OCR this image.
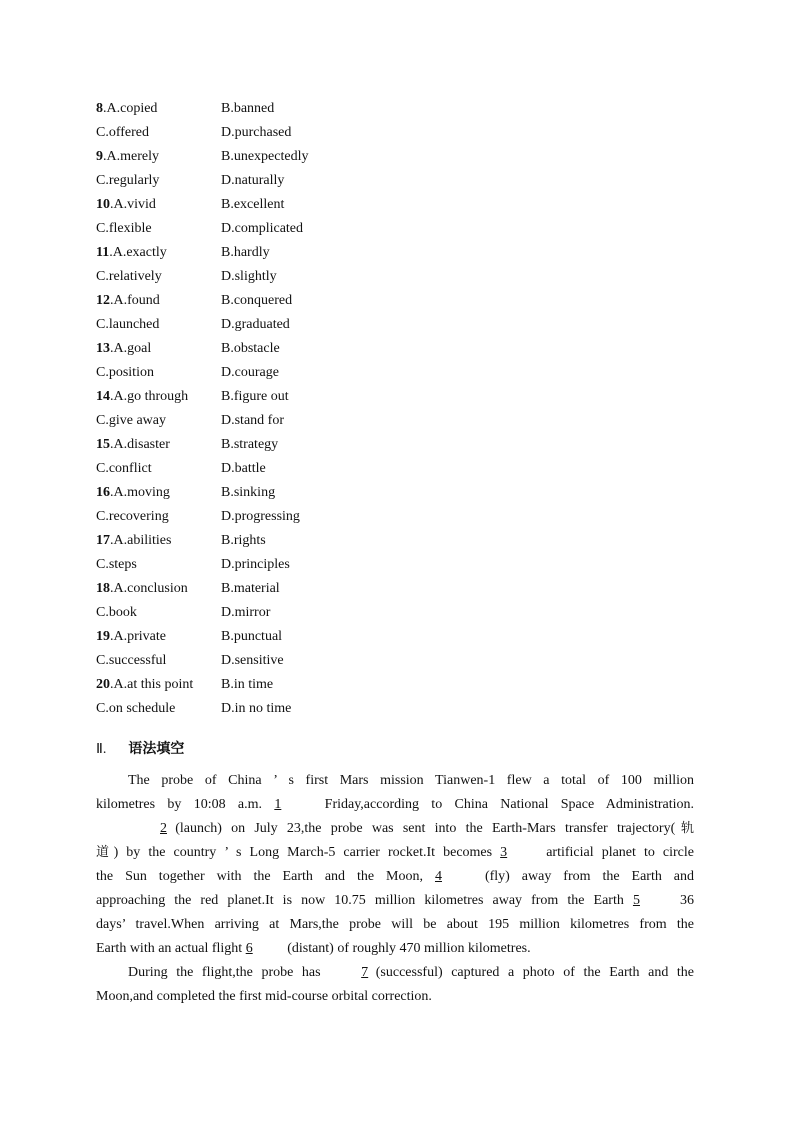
8.A.copied	B.banned
C.offered	D.purchased
9.A.merely	B.unexpectedly
C.regularly	D.naturally
10.A.vivid	B.excellent
C.flexible	D.complicated
11.A.exactly	B.hardly
C.relatively	D.slightly
12.A.found	B.conquered
C.launched	D.graduated
13.A.goal	B.obstacle
C.position	D.courage
14.A.go through B.figure out
C.give away	D.stand for
15.A.disaster	B.strategy
C.conflict	D.battle
16.A.moving	B.sinking
C.recovering	D.progressing
17.A.abilities	B.rights
C.steps	D.principles
18.A.conclusion B.material
C.book	D.mirror
19.A.private	B.punctual
C.successful	D.sensitive
20.A.at this point B.in time
C.on schedule	D.in no time
Ⅱ. 语法填空

The probe of China ’ s first Mars mission Tianwen-1 flew a total of 100 million

kilometres by 10:08 a.m. 1	Friday,according to China National Space Administration.

2 (launch) on July 23,the probe was sent into the Earth-Mars transfer trajectory(轨

道) by the country ’ s Long March-5 carrier rocket.It becomes 3	artificial planet to circle

the Sun together with the Earth and the Moon, 4	(fly) away from the Earth and

approaching the red planet.It is now 10.75 million kilometres away from the Earth 5	36

days’ travel.When arriving at Mars,the probe will be about 195 million kilometres from the

Earth with an actual flight 6 (distant) of roughly 470 million kilometres.

During the flight,the probe has	7 (successful) captured a photo of the Earth and the

Moon,and completed the first mid-course orbital correction.
